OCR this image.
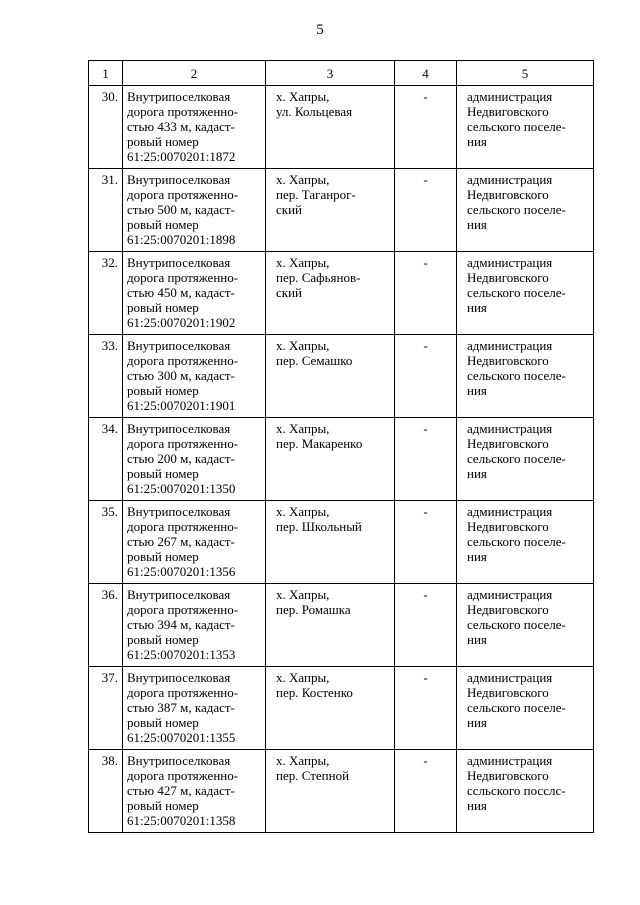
5
1	2	3	4	5
30.	Внутрипоселковая
дорога протяженно-
стью 433 м, кадаст-
ровый номер
61:25:0070201:1872	х. Хапры,
ул. Кольцевая	-	администрация
Недвиговского
сельского поселе-
ния

31.	Внутрипоселковая
дорога протяженно-
стью 500 м, кадаст-
ровый номер
61:25:0070201:1898	х. Хапры,
пер. Таганрог-
ский	-	администрация
Недвиговского
сельского поселе-
ния

32.	Внутрипоселковая
дорога протяженно-
стью 450 м, кадаст-
ровый номер
61:25:0070201:1902	х. Хапры,
пер. Сафьянов-
ский	-	администрация
Недвиговского
сельского поселе-
ния

33.	Внутрипоселковая
дорога протяженно-
стью 300 м, кадаст-
ровый номер
61:25:0070201:1901	х. Хапры,
пер. Семашко	-	администрация
Недвиговского
сельского поселе-
ния

34.	Внутрипоселковая
дорога протяженно-
стью 200 м, кадаст-
ровый номер
61:25:0070201:1350	х. Хапры,
пер. Макаренко	-	администрация
Недвиговского
сельского поселе-
ния

35.	Внутрипоселковая
дорога протяженно-
стью 267 м, кадаст-
ровый номер
61:25:0070201:1356	х. Хапры,
пер. Школьный	-	администрация
Недвиговского
сельского поселе-
ния

36.	Внутрипоселковая
дорога протяженно-
стью 394 м, кадаст-
ровый номер
61:25:0070201:1353	х. Хапры,
пер. Ромашка	-	администрация
Недвиговского
сельского поселе-
ния

37.	Внутрипоселковая
дорога протяженно-
стью 387 м, кадаст-
ровый номер
61:25:0070201:1355	х. Хапры,
пер. Костенко	-	администрация
Недвиговского
сельского поселе-
ния

38.	Внутрипоселковая
дорога протяженно-
стью 427 м, кадаст-
ровый номер
61:25:0070201:1358	х. Хапры,
пер. Степной	-	администрация
Недвиговского
ссльского посслс-
ния
